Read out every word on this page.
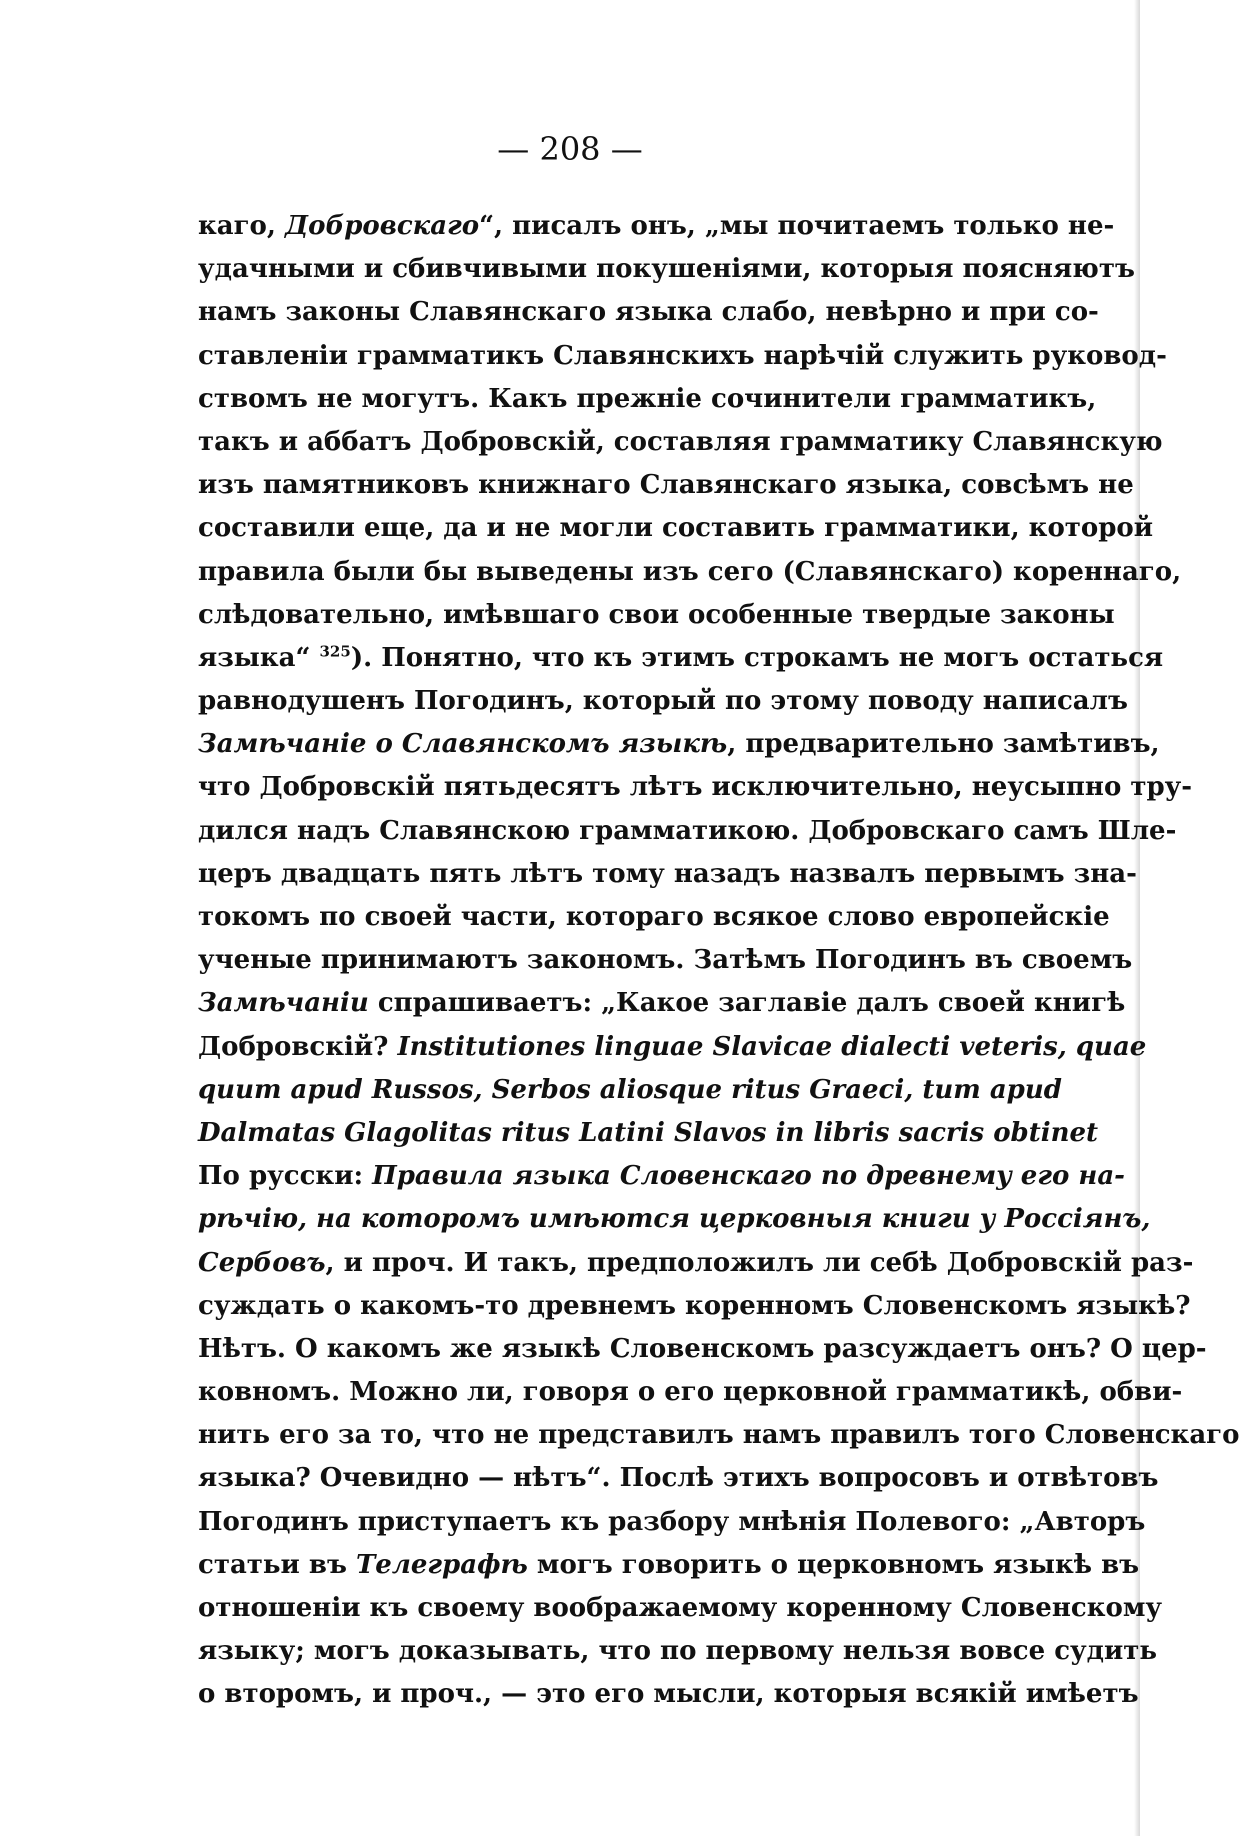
— 208 —
каго, Добровскаго“, писалъ онъ, „мы почитаемъ только не-
удачными и сбивчивыми покушеніями, которыя поясняютъ
намъ законы Славянскаго языка слабо, невѣрно и при со-
ставленіи грамматикъ Славянскихъ нарѣчій служить руковод-
ствомъ не могутъ. Какъ прежніе сочинители грамматикъ,
такъ и аббатъ Добровскій, составляя грамматику Славянскую
изъ памятниковъ книжнаго Славянскаго языка, совсѣмъ не
составили еще, да и не могли составить грамматики, которой
правила были бы выведены изъ сего (Славянскаго) кореннаго,
слѣдовательно, имѣвшаго свои особенные твердые законы
языка“ $^{325}$). Понятно, что къ этимъ строкамъ не могъ остаться
равнодушенъ Погодинъ, который по этому поводу написалъ
Замѣчаніе о Славянскомъ языкѣ, предварительно замѣтивъ,
что Добровскій пятьдесятъ лѣтъ исключительно, неусыпно тру-
дился надъ Славянскою грамматикою. Добровскаго самъ Шле-
церъ двадцать пять лѣтъ тому назадъ назвалъ первымъ зна-
токомъ по своей части, котораго всякое слово европейскіе
ученые принимаютъ закономъ. Затѣмъ Погодинъ въ своемъ
Замѣчаніи спрашиваетъ: „Какое заглавіе далъ своей книгѣ
Добровскій? Institutiones linguae Slavicae dialecti veteris, quae
quum apud Russos, Serbos aliosque ritus Graeci, tum apud
Dalmatas Glagolitas ritus Latini Slavos in libris sacris obtinet
По русски: Правила языка Словенскаго по древнему его на-
рѣчію, на которомъ имѣются церковныя книги у Россіянъ,
Сербовъ, и проч. И такъ, предположилъ ли себѣ Добровскій раз-
суждать о какомъ-то древнемъ коренномъ Словенскомъ языкѣ?
Нѣтъ. О какомъ же языкѣ Словенскомъ разсуждаетъ онъ? О цер-
ковномъ. Можно ли, говоря о его церковной грамматикѣ, обви-
нить его за то, что не представилъ намъ правилъ того Словенскаго
языка? Очевидно — нѣтъ“. Послѣ этихъ вопросовъ и отвѣтовъ
Погодинъ приступаетъ къ разбору мнѣнія Полевого: „Авторъ
статьи въ Телеграфѣ могъ говорить о церковномъ языкѣ въ
отношеніи къ своему воображаемому коренному Словенскому
языку; могъ доказывать, что по первому нельзя вовсе судить
о второмъ, и проч., — это его мысли, которыя всякій имѣетъ
